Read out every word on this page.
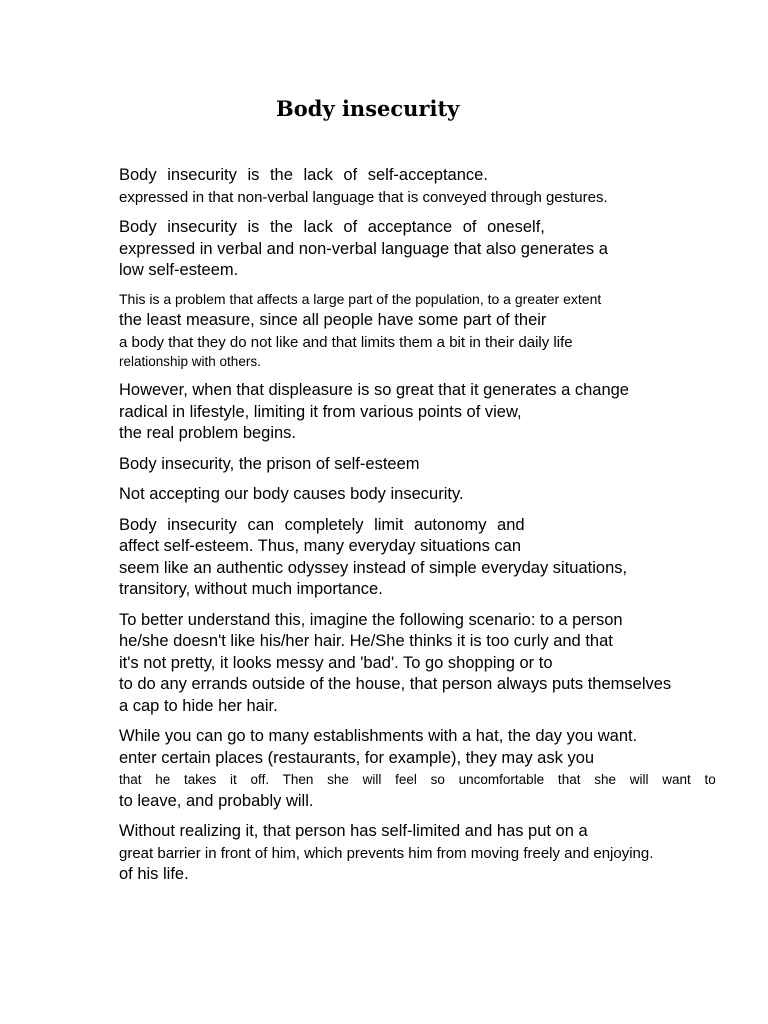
Body insecurity

Body insecurity is the lack of self-acceptance.
expressed in that non-verbal language that is conveyed through gestures.

Body insecurity is the lack of acceptance of oneself,
expressed in verbal and non-verbal language that also generates a
low self-esteem.

This is a problem that affects a large part of the population, to a greater extent
the least measure, since all people have some part of their
a body that they do not like and that limits them a bit in their daily life
relationship with others.

However, when that displeasure is so great that it generates a change
radical in lifestyle, limiting it from various points of view,
the real problem begins.

Body insecurity, the prison of self-esteem

Not accepting our body causes body insecurity.

Body insecurity can completely limit autonomy and
affect self-esteem. Thus, many everyday situations can
seem like an authentic odyssey instead of simple everyday situations,
transitory, without much importance.

To better understand this, imagine the following scenario: to a person
he/she doesn't like his/her hair. He/She thinks it is too curly and that
it's not pretty, it looks messy and 'bad'. To go shopping or to
to do any errands outside of the house, that person always puts themselves
a cap to hide her hair.

While you can go to many establishments with a hat, the day you want.
enter certain places (restaurants, for example), they may ask you
that he takes it off. Then she will feel so uncomfortable that she will want to
to leave, and probably will.

Without realizing it, that person has self-limited and has put on a
great barrier in front of him, which prevents him from moving freely and enjoying.
of his life.
